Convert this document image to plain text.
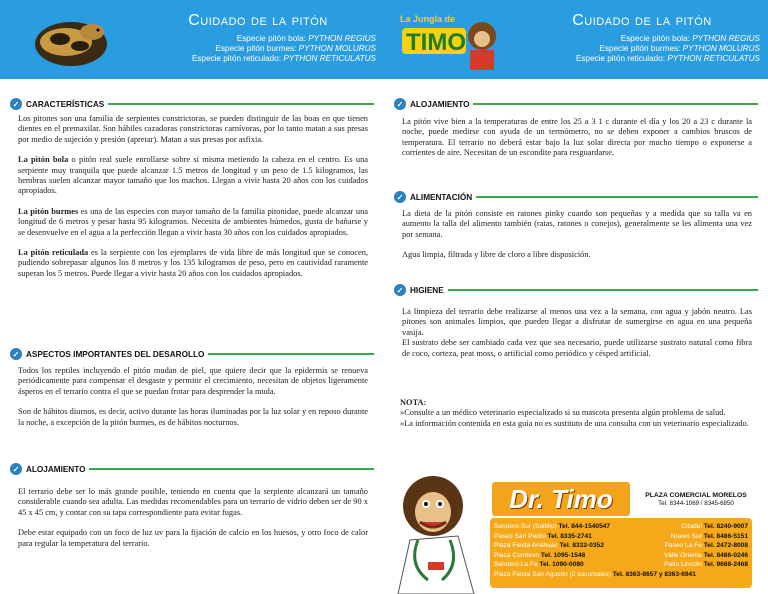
Cuidado de la pitón
Especie pitón bola: PYTHON REGIUS
Especie pitón burmes: PYTHON MOLURUS
Especie pitón reticulado: PYTHON RETICULATUS
✓ CARACTERÍSTICAS

Los pitones son una familia de serpientes constrictoras, se pueden distinguir de las boas en que tienen dientes en el premaxilar. Son hábiles cazadoras constrictoras carnívoras, por lo tanto matan a sus presas por medio de sujeción y presión (apretar). Matan a sus presas por asfixia.

La pitón bola o pitón real suele enrollarse sobre sí misma metiendo la cabeza en el centro. Es una serpiente muy tranquila que puede alcanzar 1.5 metros de longitud y un peso de 1.5 kilogramos, las hembras suelen alcanzar mayor tamaño que los machos. Llegan a vivir hasta 20 años con los cuidados apropiados.

La pitón burmes es una de las especies con mayor tamaño de la familia pitonidae, puede alcanzar una longitud de 6 metros y pesar hasta 95 kilogramos. Necesita de ambientes húmedos, gusta de bañarse y se desenvuelve en el agua a la perfección llegan a vivir hasta 30 años con los cuidados apropiados.

La pitón reticulada es la serpiente con los ejemplares de vida libre de más longitud que se conocen, pudiendo sobrepasar algunos los 8 metros y los 135 kilogramos de peso, pero en cautividad raramente superan los 5 metros. Puede llegar a vivir hasta 20 años con los cuidados apropiados.

✓ ASPECTOS IMPORTANTES DEL DESAROLLO

Todos los reptiles incluyendo el pitón mudan de piel, que quiere decir que la epidermis se renueva periódicamente para compensar el desgaste y permitir el crecimiento, necesitan de objetos ligeramente ásperos en el terrario contra el que se puedan frotar para desprender la muda.

Son de hábitos diurnos, es decir, activo durante las horas iluminadas por la luz solar y en reposo durante la noche, a excepción de la pitón burmes, es de hábitos nocturnos.

✓ ALOJAMIENTO

El terrario debe ser lo más grande posible, teniendo en cuenta que la serpiente alcanzará un tamaño considerable cuando sea adulta. Las medidas recomendables para un terrario de vidrio deben ser de 90 x 45 x 45 cm, y contar con su tapa correspondiente para evitar fugas.

Debe estar equipado con un foco de luz uv para la fijación de calcio en los huesos, y otro foco de calor para regular la temperatura del terrario.

La Jungla de
TIMO
Cuidado de la pitón
Especie pitón bola: PYTHON REGIUS
Especie pitón burmes: PYTHON MOLURUS
Especie pitón reticulado: PYTHON RETICULATUS
✓ ALOJAMIENTO

La pitón vive bien a la temperaturas de entre los 25 a 3 1 c durante el día y los 20 a 23 c durante la noche, puede medirse con ayuda de un termómetro, no se deben exponer a cambios bruscos de temperatura. El terrario no deberá estar bajo la luz solar directa por mucho tiempo o exponerse a corrientes de aire. Necesitan de un escondite para resguardarse.

✓ ALIMENTACIÓN

La dieta de la pitón consiste en ratones pinky cuando son pequeñas y a medida que su talla va en aumento la talla del alimento también (ratas, ratones o conejos), generalmente se les alimenta una vez por semana.

Agua limpia, filtrada y libre de cloro a libre disposición.

✓ HIGIENE

La limpieza del terrario debe realizarse al menos una vez a la semana, con agua y jabón neutro. Las pitones son animales limpios, que pueden llegar a disfrutar de sumergirse en agua en una pequeña vasija.

El sustrato debe ser cambiado cada vez que sea necesario, puede utilizarse sustrato natural como fibra de coco, corteza, peat moss, o artificial como periódico y césped artificial.

NOTA:
»Consulte a un médico veterinario especializado si su mascota presenta algún problema de salud.
»La información contenida en esta guía no es sustituto de una consulta con un veterinario especializado.
Dr. Timo	PLAZA COMERCIAL MORELOS
Tel. 8344-1069 / 8345-6850
Sendero Sur (Saltillo) Tel. 844-1540547	Citadel Tel. 8240-9007
Paseo San Pedro Tel. 8335-2741	Nuevo Sur Tel. 8486-5151
Plaza Fiesta Anáhuac Tel. 8332-0352	Paseo La Fe Tel. 2472-8008
Plaza Cumbres Tel. 1095-1548	Valle Oriente Tel. 8486-0246
Sendero La Fe Tel. 1090-0080	Patio Lincoln Tel. 9688-2468
Plaza Fiesta San Agustín (2 sucursales) Tel. 8363-8657 y 8363-6941
